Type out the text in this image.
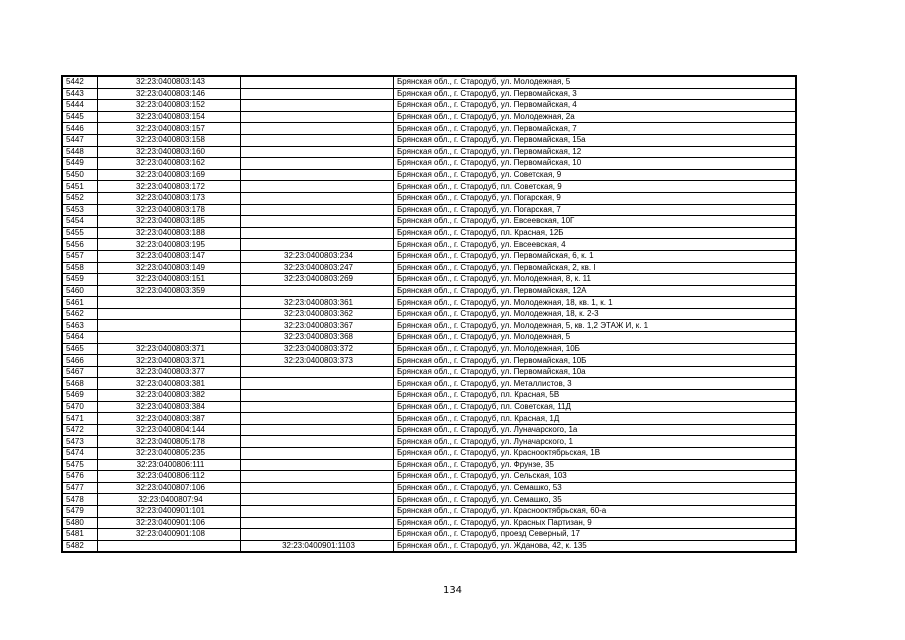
5442	32:23:0400803:143		Брянская обл., г. Стародуб, ул. Молодежная, 5
5443	32:23:0400803:146		Брянская обл., г. Стародуб, ул. Первомайская, 3
5444	32:23:0400803:152		Брянская обл., г. Стародуб, ул. Первомайская, 4
5445	32:23:0400803:154		Брянская обл., г. Стародуб, ул. Молодежная, 2а
5446	32:23:0400803:157		Брянская обл., г. Стародуб, ул. Первомайская, 7
5447	32:23:0400803:158		Брянская обл., г. Стародуб, ул. Первомайская, 15а
5448	32:23:0400803:160		Брянская обл., г. Стародуб, ул. Первомайская, 12
5449	32:23:0400803:162		Брянская обл., г. Стародуб, ул. Первомайская, 10
5450	32:23:0400803:169		Брянская обл., г. Стародуб, ул. Советская, 9
5451	32:23:0400803:172		Брянская обл., г. Стародуб, пл. Советская, 9
5452	32:23:0400803:173		Брянская обл., г. Стародуб, ул. Погарская, 9
5453	32:23:0400803:178		Брянская обл., г. Стародуб, ул. Погарская, 7
5454	32:23:0400803:185		Брянская обл., г. Стародуб, ул. Евсеевская, 10Г
5455	32:23:0400803:188		Брянская обл., г. Стародуб, пл. Красная, 12Б
5456	32:23:0400803:195		Брянская обл., г. Стародуб, ул. Евсеевская, 4
5457	32:23:0400803:147	32:23:0400803:234	Брянская обл., г. Стародуб, ул. Первомайская, 6, к. 1
5458	32:23:0400803:149	32:23:0400803:247	Брянская обл., г. Стародуб, ул. Первомайская, 2, кв. I
5459	32:23:0400803:151	32:23:0400803:269	Брянская обл., г. Стародуб, ул. Молодежная, 8, к. 11
5460	32:23:0400803:359		Брянская обл., г. Стародуб, ул. Первомайская, 12А
5461		32:23:0400803:361	Брянская обл., г. Стародуб, ул. Молодежная, 18, кв. 1, к. 1
5462		32:23:0400803:362	Брянская обл., г. Стародуб, ул. Молодежная, 18, к. 2-3
5463		32:23:0400803:367	Брянская обл., г. Стародуб, ул. Молодежная, 5, кв. 1,2 ЭТАЖ И, к. 1
5464		32:23:0400803:368	Брянская обл., г. Стародуб, ул. Молодежная, 5
5465	32:23:0400803:371	32:23:0400803:372	Брянская обл., г. Стародуб, ул. Молодежная, 10Б
5466	32:23:0400803:371	32:23:0400803:373	Брянская обл., г. Стародуб, ул. Первомайская, 10Б
5467	32:23:0400803:377		Брянская обл., г. Стародуб, ул. Первомайская, 10а
5468	32:23:0400803:381		Брянская обл., г. Стародуб, ул. Металлистов, 3
5469	32:23:0400803:382		Брянская обл., г. Стародуб, пл. Красная, 5В
5470	32:23:0400803:384		Брянская обл., г. Стародуб, пл. Советская, 11Д
5471	32:23:0400803:387		Брянская обл., г. Стародуб, пл. Красная, 1Д
5472	32:23:0400804:144		Брянская обл., г. Стародуб, ул. Луначарского, 1а
5473	32:23:0400805:178		Брянская обл., г. Стародуб, ул. Луначарского, 1
5474	32:23:0400805:235		Брянская обл., г. Стародуб, ул. Краснооктябрьская, 1В
5475	32:23:0400806:111		Брянская обл., г. Стародуб, ул. Фрунзе, 35
5476	32:23:0400806:112		Брянская обл., г. Стародуб, ул. Сельская, 103
5477	32:23:0400807:106		Брянская обл., г. Стародуб, ул. Семашко, 53
5478	32:23:0400807:94		Брянская обл., г. Стародуб, ул. Семашко, 35
5479	32:23:0400901:101		Брянская обл., г. Стародуб, ул. Краснооктябрьская, 60-а
5480	32:23:0400901:106		Брянская обл., г. Стародуб, ул. Красных Партизан, 9
5481	32:23:0400901:108		Брянская обл., г. Стародуб, проезд Северный, 17
5482		32:23:0400901:1103	Брянская обл., г. Стародуб, ул. Жданова, 42, к. 135
134
